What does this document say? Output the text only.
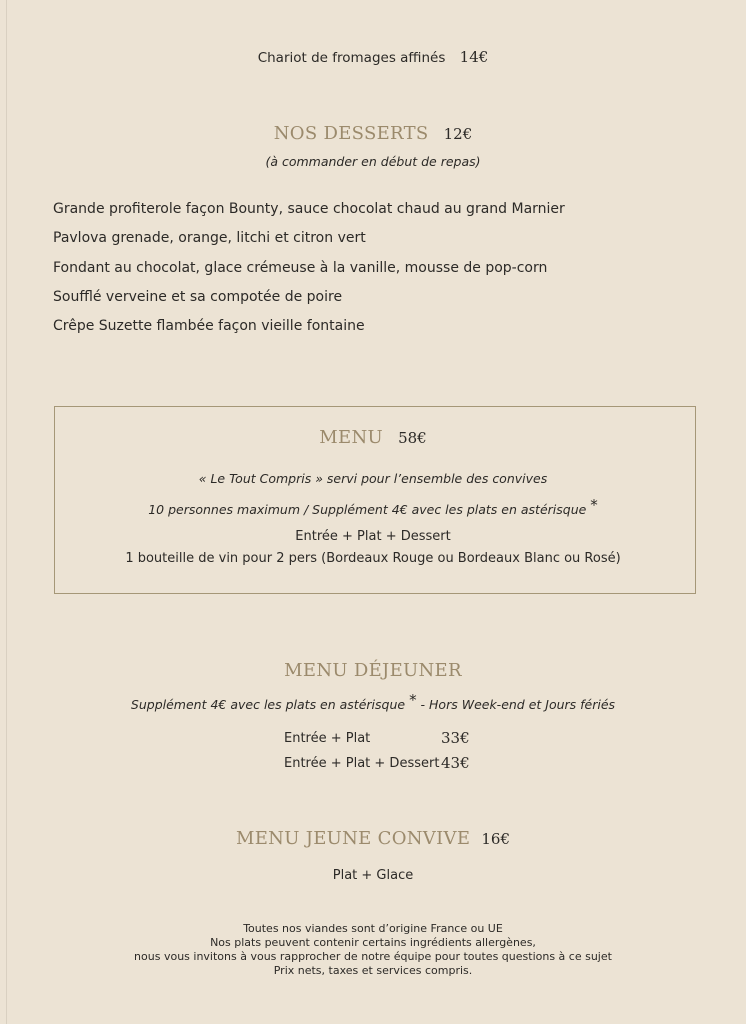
Chariot de fromages affinés 14€
NOS DESSERTS 12€
(à commander en début de repas)
Grande profiterole façon Bounty, sauce chocolat chaud au grand Marnier
Pavlova grenade, orange, litchi et citron vert
Fondant au chocolat, glace crémeuse à la vanille, mousse de pop-corn
Soufflé verveine et sa compotée de poire
Crêpe Suzette flambée façon vieille fontaine
MENU 58€
« Le Tout Compris » servi pour l’ensemble des convives
10 personnes maximum / Supplément 4€ avec les plats en astérisque *
Entrée + Plat + Dessert
1 bouteille de vin pour 2 pers (Bordeaux Rouge ou Bordeaux Blanc ou Rosé)
MENU DÉJEUNER
Supplément 4€ avec les plats en astérisque * - Hors Week-end et Jours fériés
Entrée + Plat	33€
Entrée + Plat + Dessert 43€
MENU JEUNE CONVIVE 16€
Plat + Glace
Toutes nos viandes sont d’origine France ou UE
Nos plats peuvent contenir certains ingrédients allergènes,
nous vous invitons à vous rapprocher de notre équipe pour toutes questions à ce sujet
Prix nets, taxes et services compris.
